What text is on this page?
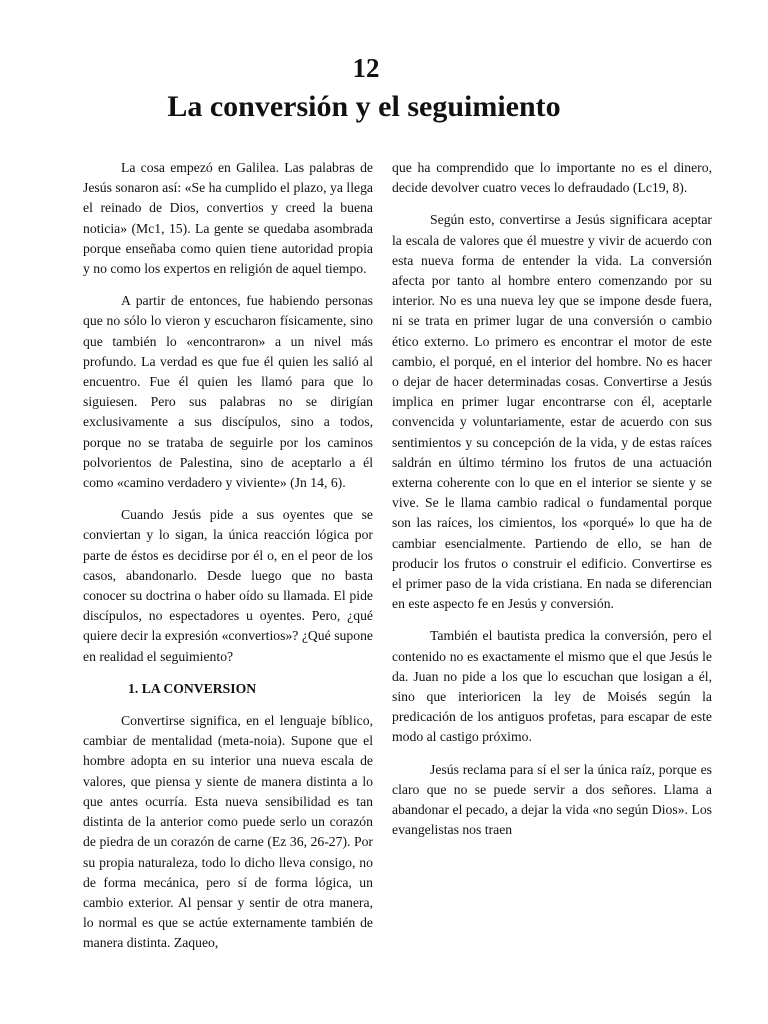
12
La conversión y el seguimiento

La cosa empezó en Galilea. Las palabras de Jesús sonaron así: «Se ha cumplido el plazo, ya llega el reinado de Dios, convertios y creed la buena noticia» (Mc1, 15). La gente se quedaba asombrada porque enseñaba como quien tiene autoridad propia y no como los expertos en religión de aquel tiempo.

A partir de entonces, fue habiendo personas que no sólo lo vieron y escucharon físicamente, sino que también lo «encontraron» a un nivel más profundo. La verdad es que fue él quien les salió al encuentro. Fue él quien les llamó para que lo siguiesen. Pero sus palabras no se dirigían exclusivamente a sus discípulos, sino a todos, porque no se trataba de seguirle por los caminos polvorientos de Palestina, sino de aceptarlo a él como «camino verdadero y viviente» (Jn 14, 6).

Cuando Jesús pide a sus oyentes que se conviertan y lo sigan, la única reacción lógica por parte de éstos es decidirse por él o, en el peor de los casos, abandonarlo. Desde luego que no basta conocer su doctrina o haber oído su llamada. El pide discípulos, no espectadores u oyentes. Pero, ¿qué quiere decir la expresión «convertios»? ¿Qué supone en realidad el seguimiento?

1. LA CONVERSION

Convertirse significa, en el lenguaje bíblico, cambiar de mentalidad (meta-noia). Supone que el hombre adopta en su interior una nueva escala de valores, que piensa y siente de manera distinta a lo que antes ocurría. Esta nueva sensibilidad es tan distinta de la anterior como puede serlo un corazón de piedra de un corazón de carne (Ez 36, 26-27). Por su propia naturaleza, todo lo dicho lleva consigo, no de forma mecánica, pero sí de forma lógica, un cambio exterior. Al pensar y sentir de otra manera, lo normal es que se actúe externamente también de manera distinta. Zaqueo,

que ha comprendido que lo importante no es el dinero, decide devolver cuatro veces lo defraudado (Lc19, 8).

Según esto, convertirse a Jesús significara aceptar la escala de valores que él muestre y vivir de acuerdo con esta nueva forma de entender la vida. La conversión afecta por tanto al hombre entero comenzando por su interior. No es una nueva ley que se impone desde fuera, ni se trata en primer lugar de una conversión o cambio ético externo. Lo primero es encontrar el motor de este cambio, el porqué, en el interior del hombre. No es hacer o dejar de hacer determinadas cosas. Convertirse a Jesús implica en primer lugar encontrarse con él, aceptarle convencida y voluntariamente, estar de acuerdo con sus sentimientos y su concepción de la vida, y de estas raíces saldrán en último término los frutos de una actuación externa coherente con lo que en el interior se siente y se vive. Se le llama cambio radical o fundamental porque son las raíces, los cimientos, los «porqué» lo que ha de cambiar esencialmente. Partiendo de ello, se han de producir los frutos o construir el edificio. Convertirse es el primer paso de la vida cristiana. En nada se diferencian en este aspecto fe en Jesús y conversión.

También el bautista predica la conversión, pero el contenido no es exactamente el mismo que el que Jesús le da. Juan no pide a los que lo escuchan que losigan a él, sino que interioricen la ley de Moisés según la predicación de los antiguos profetas, para escapar de este modo al castigo próximo.

Jesús reclama para sí el ser la única raíz, porque es claro que no se puede servir a dos señores. Llama a abandonar el pecado, a dejar la vida «no según Dios». Los evangelistas nos traen
